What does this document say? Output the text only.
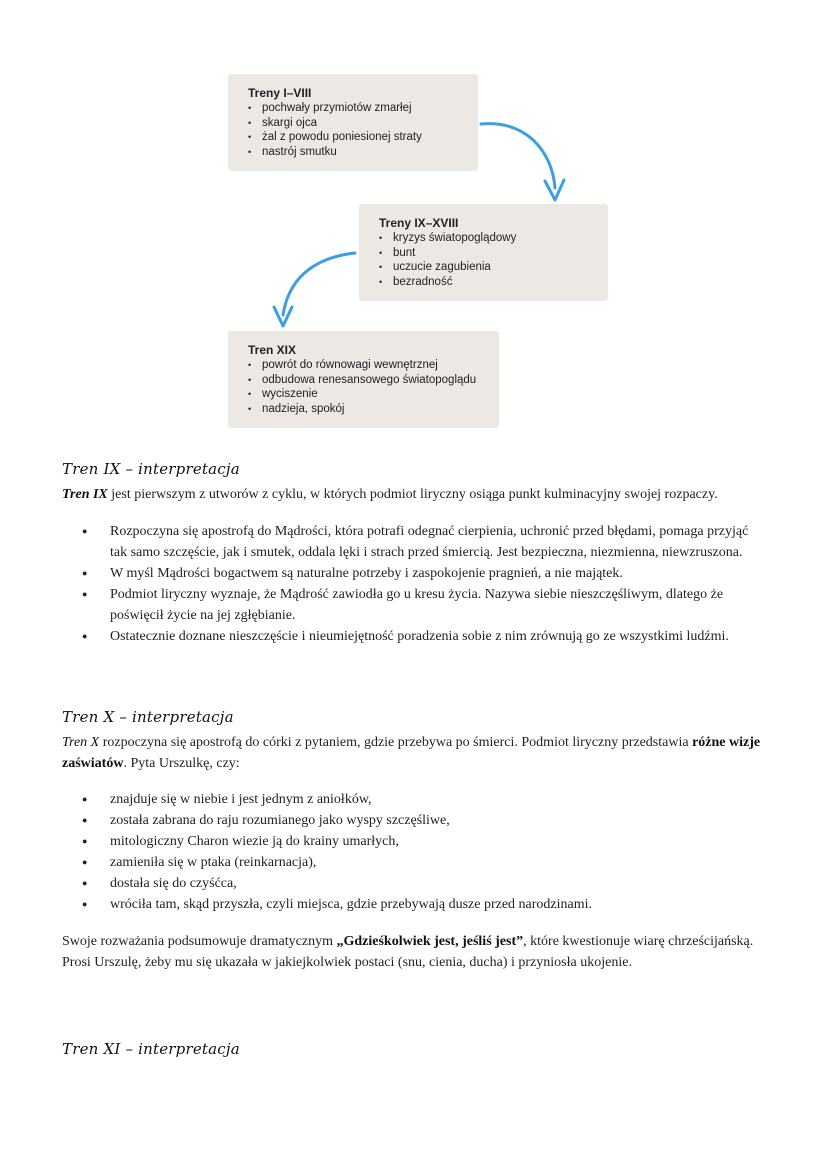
Treny I–VIII
• pochwały przymiotów zmarłej
• skargi ojca
• żal z powodu poniesionej straty
• nastrój smutku
Treny IX–XVIII
• kryzys światopoglądowy
• bunt
• uczucie zagubienia
• bezradność
Tren XIX
• powrót do równowagi wewnętrznej
• odbudowa renesansowego światopoglądu
• wyciszenie
• nadzieja, spokój
Tren IX – interpretacja
Tren IX jest pierwszym z utworów z cyklu, w których podmiot liryczny osiąga punkt kulminacyjny swojej rozpaczy.
● Rozpoczyna się apostrofą do Mądrości, która potrafi odegnać cierpienia, uchronić przed błędami, pomaga przyjąć tak samo szczęście, jak i smutek, oddala lęki i strach przed śmiercią. Jest bezpieczna, niezmienna, niewzruszona.
● W myśl Mądrości bogactwem są naturalne potrzeby i zaspokojenie pragnień, a nie majątek.
● Podmiot liryczny wyznaje, że Mądrość zawiodła go u kresu życia. Nazywa siebie nieszczęśliwym, dlatego że poświęcił życie na jej zgłębianie.
● Ostatecznie doznane nieszczęście i nieumiejętność poradzenia sobie z nim zrównują go ze wszystkimi ludźmi.
Tren X – interpretacja
Tren X rozpoczyna się apostrofą do córki z pytaniem, gdzie przebywa po śmierci. Podmiot liryczny przedstawia różne wizje zaświatów. Pyta Urszulkę, czy:
● znajduje się w niebie i jest jednym z aniołków,
● została zabrana do raju rozumianego jako wyspy szczęśliwe,
● mitologiczny Charon wiezie ją do krainy umarłych,
● zamieniła się w ptaka (reinkarnacja),
● dostała się do czyśćca,
● wróciła tam, skąd przyszła, czyli miejsca, gdzie przebywają dusze przed narodzinami.
Swoje rozważania podsumowuje dramatycznym „Gdzieśkolwiek jest, jeśliś jest”, które kwestionuje wiarę chrześcijańską. Prosi Urszulę, żeby mu się ukazała w jakiejkolwiek postaci (snu, cienia, ducha) i przyniosła ukojenie.
Tren XI – interpretacja
